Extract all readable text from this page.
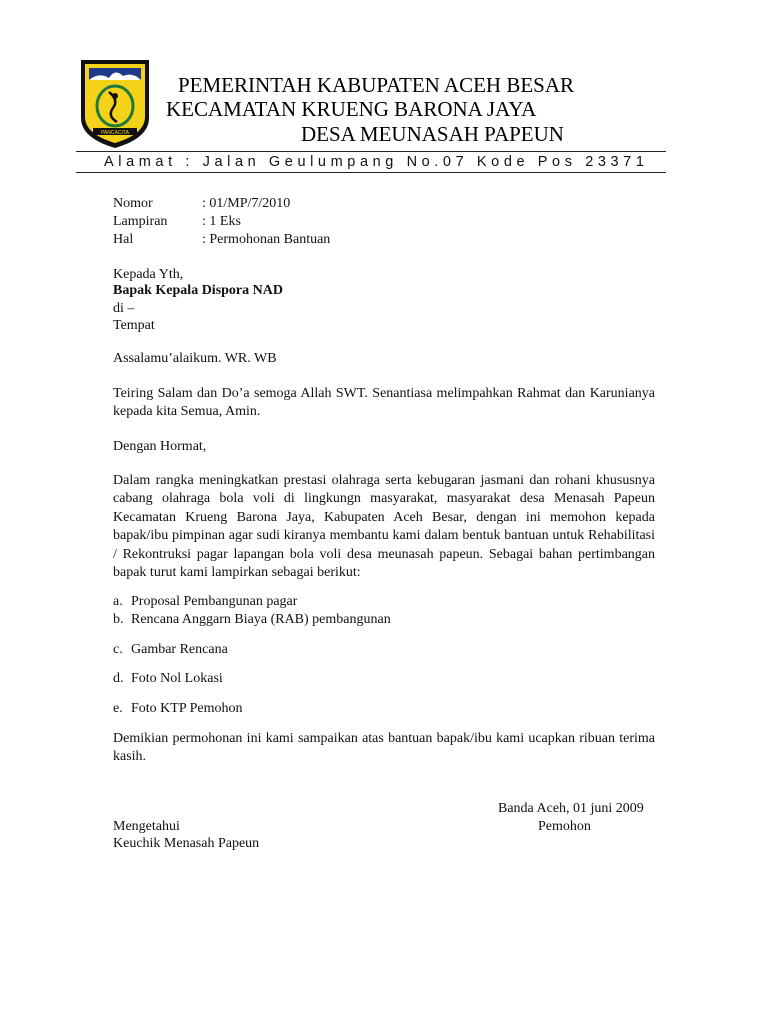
PANCACITA
PEMERINTAH KABUPATEN ACEH BESAR
KECAMATAN KRUENG BARONA JAYA
DESA MEUNASAH PAPEUN
Alamat : Jalan Geulumpang No.07 Kode Pos 23371
Nomor	: 01/MP/7/2010
Lampiran : 1 Eks
Hal	: Permohonan Bantuan
Kepada Yth,
Bapak Kepala Dispora NAD
di –
Tempat
Assalamu’alaikum. WR. WB
Teiring Salam dan Do’a semoga Allah SWT. Senantiasa melimpahkan Rahmat dan Karunianya kepada kita Semua, Amin.
Dengan Hormat,
Dalam rangka meningkatkan prestasi olahraga serta kebugaran jasmani dan rohani khususnya cabang olahraga bola voli di lingkungn masyarakat, masyarakat desa Menasah Papeun Kecamatan Krueng Barona Jaya, Kabupaten Aceh Besar, dengan ini memohon kepada bapak/ibu pimpinan agar sudi kiranya membantu kami dalam bentuk bantuan untuk Rehabilitasi / Rekontruksi pagar lapangan bola voli desa meunasah papeun. Sebagai bahan pertimbangan bapak turut kami lampirkan sebagai berikut:
a. Proposal Pembangunan pagar
b. Rencana Anggarn Biaya (RAB) pembangunan
c. Gambar Rencana
d. Foto Nol Lokasi
e. Foto KTP Pemohon
Demikian permohonan ini kami sampaikan atas bantuan bapak/ibu kami ucapkan ribuan terima kasih.
Banda Aceh, 01 juni 2009
Mengetahui	Pemohon
Keuchik Menasah Papeun
